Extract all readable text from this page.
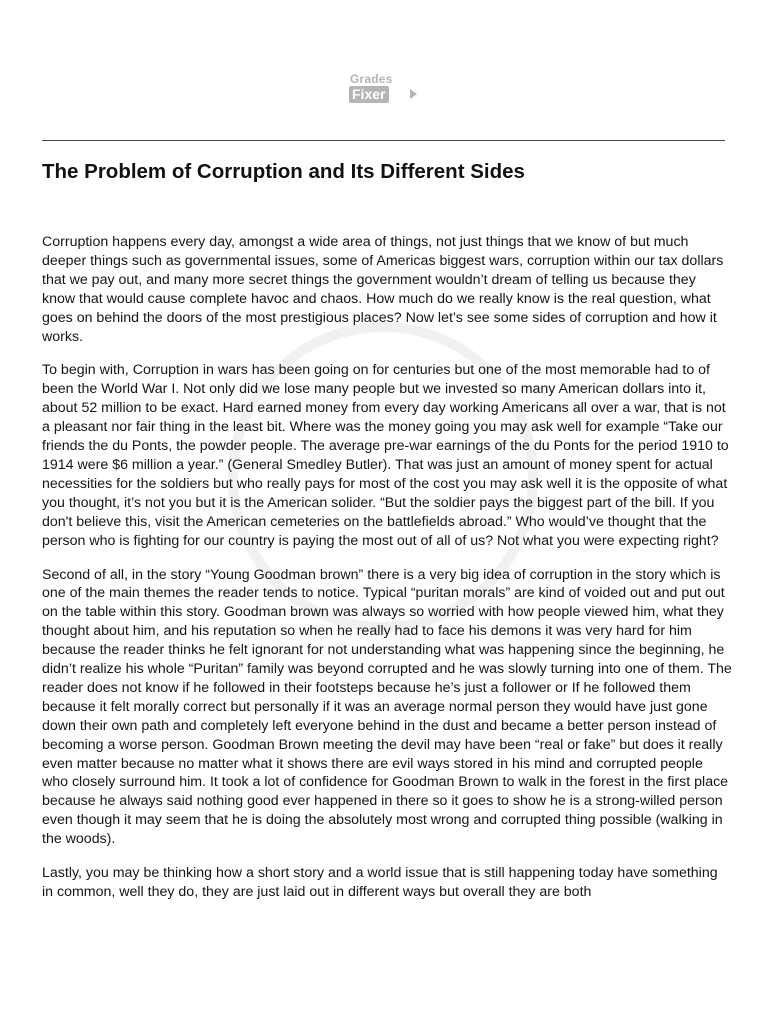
Grades
Fixer
The Problem of Corruption and Its Different Sides

Corruption happens every day, amongst a wide area of things, not just things that we know of but much deeper things such as governmental issues, some of Americas biggest wars, corruption within our tax dollars that we pay out, and many more secret things the government wouldn’t dream of telling us because they know that would cause complete havoc and chaos. How much do we really know is the real question, what goes on behind the doors of the most prestigious places? Now let’s see some sides of corruption and how it works.

To begin with, Corruption in wars has been going on for centuries but one of the most memorable had to of been the World War I. Not only did we lose many people but we invested so many American dollars into it, about 52 million to be exact. Hard earned money from every day working Americans all over a war, that is not a pleasant nor fair thing in the least bit. Where was the money going you may ask well for example “Take our friends the du Ponts, the powder people. The average pre-war earnings of the du Ponts for the period 1910 to 1914 were $6 million a year.” (General Smedley Butler). That was just an amount of money spent for actual necessities for the soldiers but who really pays for most of the cost you may ask well it is the opposite of what you thought, it’s not you but it is the American solider. “But the soldier pays the biggest part of the bill. If you don't believe this, visit the American cemeteries on the battlefields abroad.” Who would’ve thought that the person who is fighting for our country is paying the most out of all of us? Not what you were expecting right?

Second of all, in the story “Young Goodman brown” there is a very big idea of corruption in the story which is one of the main themes the reader tends to notice. Typical “puritan morals” are kind of voided out and put out on the table within this story. Goodman brown was always so worried with how people viewed him, what they thought about him, and his reputation so when he really had to face his demons it was very hard for him because the reader thinks he felt ignorant for not understanding what was happening since the beginning, he didn’t realize his whole “Puritan” family was beyond corrupted and he was slowly turning into one of them. The reader does not know if he followed in their footsteps because he’s just a follower or If he followed them because it felt morally correct but personally if it was an average normal person they would have just gone down their own path and completely left everyone behind in the dust and became a better person instead of becoming a worse person. Goodman Brown meeting the devil may have been “real or fake” but does it really even matter because no matter what it shows there are evil ways stored in his mind and corrupted people who closely surround him. It took a lot of confidence for Goodman Brown to walk in the forest in the first place because he always said nothing good ever happened in there so it goes to show he is a strong-willed person even though it may seem that he is doing the absolutely most wrong and corrupted thing possible (walking in the woods).

Lastly, you may be thinking how a short story and a world issue that is still happening today have something in common, well they do, they are just laid out in different ways but overall they are both
